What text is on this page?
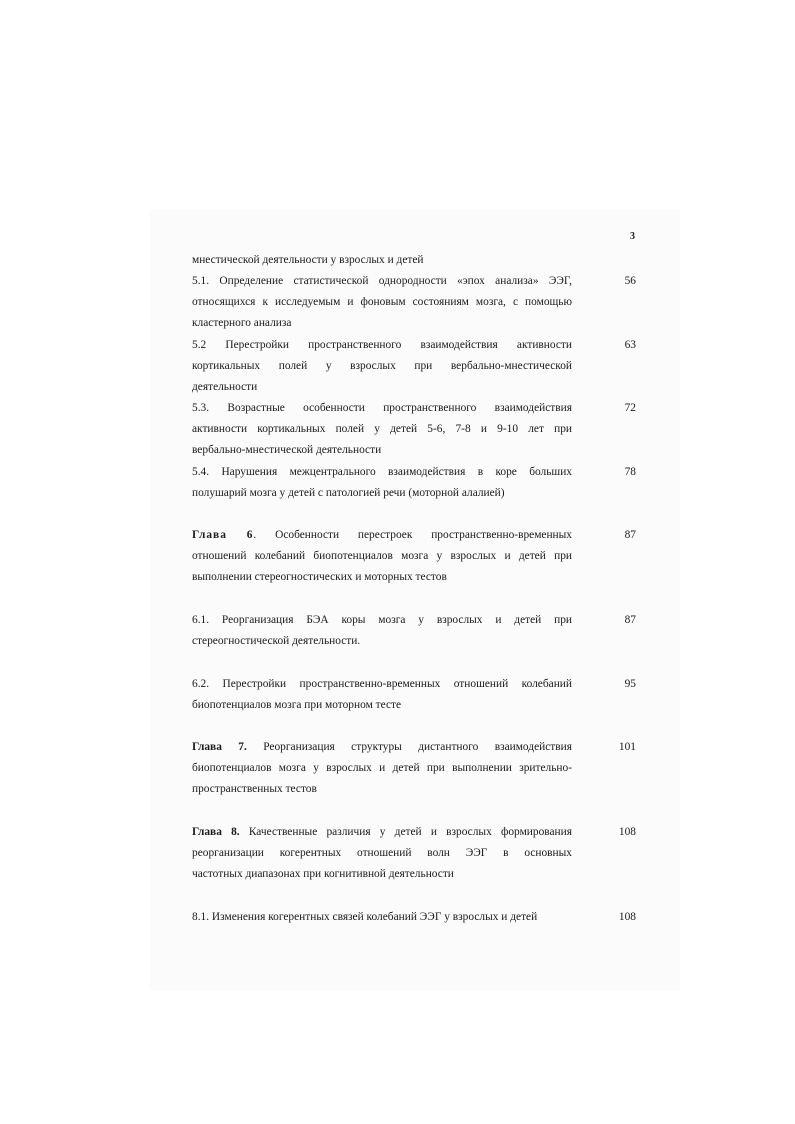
3
мнестической деятельности у взрослых и детей
5.1. Определение статистической однородности «эпох анализа» ЭЭГ,
относящихся к исследуемым и фоновым состояниям мозга, с помощью
кластерного анализа
56
5.2 Перестройки пространственного взаимодействия активности
кортикальных полей у взрослых при вербально-мнестической
деятельности
63
5.3. Возрастные особенности пространственного взаимодействия
активности кортикальных полей у детей 5-6, 7-8 и 9-10 лет при
вербально-мнестической деятельности
72
5.4. Нарушения межцентрального взаимодействия в коре больших
полушарий мозга у детей с патологией речи (моторной алалией)
78
Глава 6. Особенности перестроек пространственно-временных
отношений колебаний биопотенциалов мозга у взрослых и детей при
выполнении стереогностических и моторных тестов
87
6.1. Реорганизация БЭА коры мозга у взрослых и детей при
стереогностической деятельности.
87
6.2. Перестройки пространственно-временных отношений колебаний
биопотенциалов мозга при моторном тесте
95
Глава 7. Реорганизация структуры дистантного взаимодействия
биопотенциалов мозга у взрослых и детей при выполнении зрительно-
пространственных тестов
101
Глава 8. Качественные различия у детей и взрослых формирования
реорганизации когерентных отношений волн ЭЭГ в основных
частотных диапазонах при когнитивной деятельности
108
8.1. Изменения когерентных связей колебаний ЭЭГ у взрослых и детей	108
